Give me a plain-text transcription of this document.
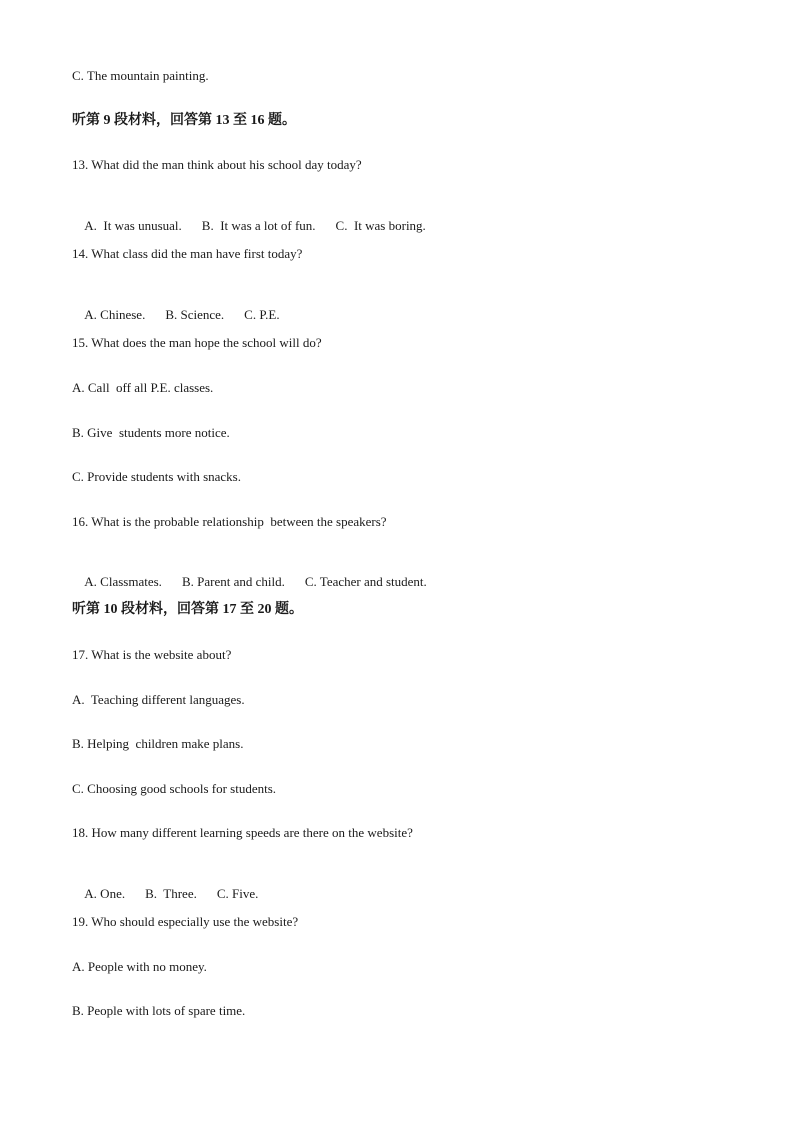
C. The mountain painting.
听第 9 段材料，回答第 13 至 16 题。
13. What did the man think about his school day today?

A.  It was unusual. B.  It was a lot of fun. C.  It was boring.

14. What class did the man have first today?

A. Chinese. B. Science. C. P.E.

15. What does the man hope the school will do?
A. Call  off all P.E. classes.
B. Give  students more notice.
C. Provide students with snacks.
16. What is the probable relationship  between the speakers?

A. Classmates. B. Parent and child. C. Teacher and student.

听第 10 段材料，回答第 17 至 20 题。
17. What is the website about?
A.  Teaching different languages.
B. Helping  children make plans.
C. Choosing good schools for students.
18. How many different learning speeds are there on the website?

A. One. B.  Three. C. Five.

19. Who should especially use the website?
A. People with no money.
B. People with lots of spare time.
